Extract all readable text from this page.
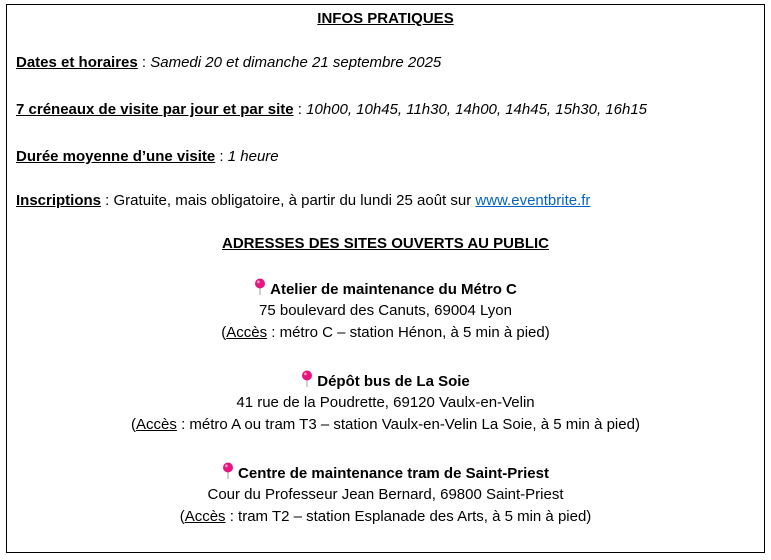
INFOS PRATIQUES
Dates et horaires : Samedi 20 et dimanche 21 septembre 2025
7 créneaux de visite par jour et par site : 10h00, 10h45, 11h30, 14h00, 14h45, 15h30, 16h15
Durée moyenne d’une visite : 1 heure
Inscriptions : Gratuite, mais obligatoire, à partir du lundi 25 août sur www.eventbrite.fr
ADRESSES DES SITES OUVERTS AU PUBLIC
Atelier de maintenance du Métro C
75 boulevard des Canuts, 69004 Lyon
(Accès : métro C – station Hénon, à 5 min à pied)
Dépôt bus de La Soie
41 rue de la Poudrette, 69120 Vaulx-en-Velin
(Accès : métro A ou tram T3 – station Vaulx-en-Velin La Soie, à 5 min à pied)
Centre de maintenance tram de Saint-Priest
Cour du Professeur Jean Bernard, 69800 Saint-Priest
(Accès : tram T2 – station Esplanade des Arts, à 5 min à pied)
